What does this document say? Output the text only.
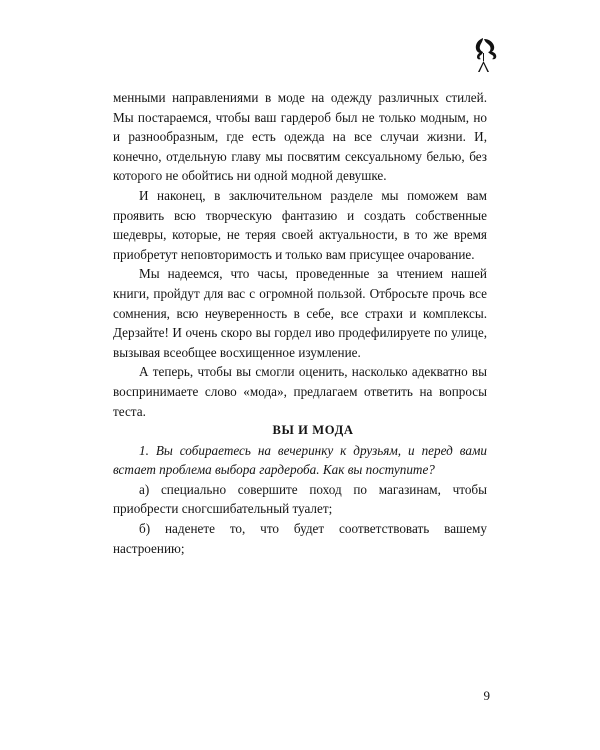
менными направлениями в моде на одежду различных стилей. Мы постараемся, чтобы ваш гардероб был не только модным, но и разнообразным, где есть одежда на все случаи жизни. И, конечно, отдельную главу мы посвятим сексуальному белью, без которого не обойтись ни одной модной девушке.

И наконец, в заключительном разделе мы поможем вам проявить всю творческую фантазию и создать собственные шедевры, которые, не теряя своей актуальности, в то же время приобретут неповторимость и только вам присущее очарование.

Мы надеемся, что часы, проведенные за чтением нашей книги, пройдут для вас с огромной пользой. Отбросьте прочь все сомнения, всю неуверенность в себе, все страхи и комплексы. Дерзайте! И очень скоро вы гордел иво продефилируете по улице, вызывая всеобщее восхищенное изумление.

А теперь, чтобы вы смогли оценить, насколько адекватно вы воспринимаете слово «мода», предлагаем ответить на вопросы теста.

ВЫ И МОДА

1. Вы собираетесь на вечеринку к друзьям, и перед вами встает проблема выбора гардероба. Как вы поступите?

а) специально совершите поход по магазинам, чтобы приобрести сногсшибательный туалет;

б) наденете то, что будет соответствовать вашему настроению;

9
